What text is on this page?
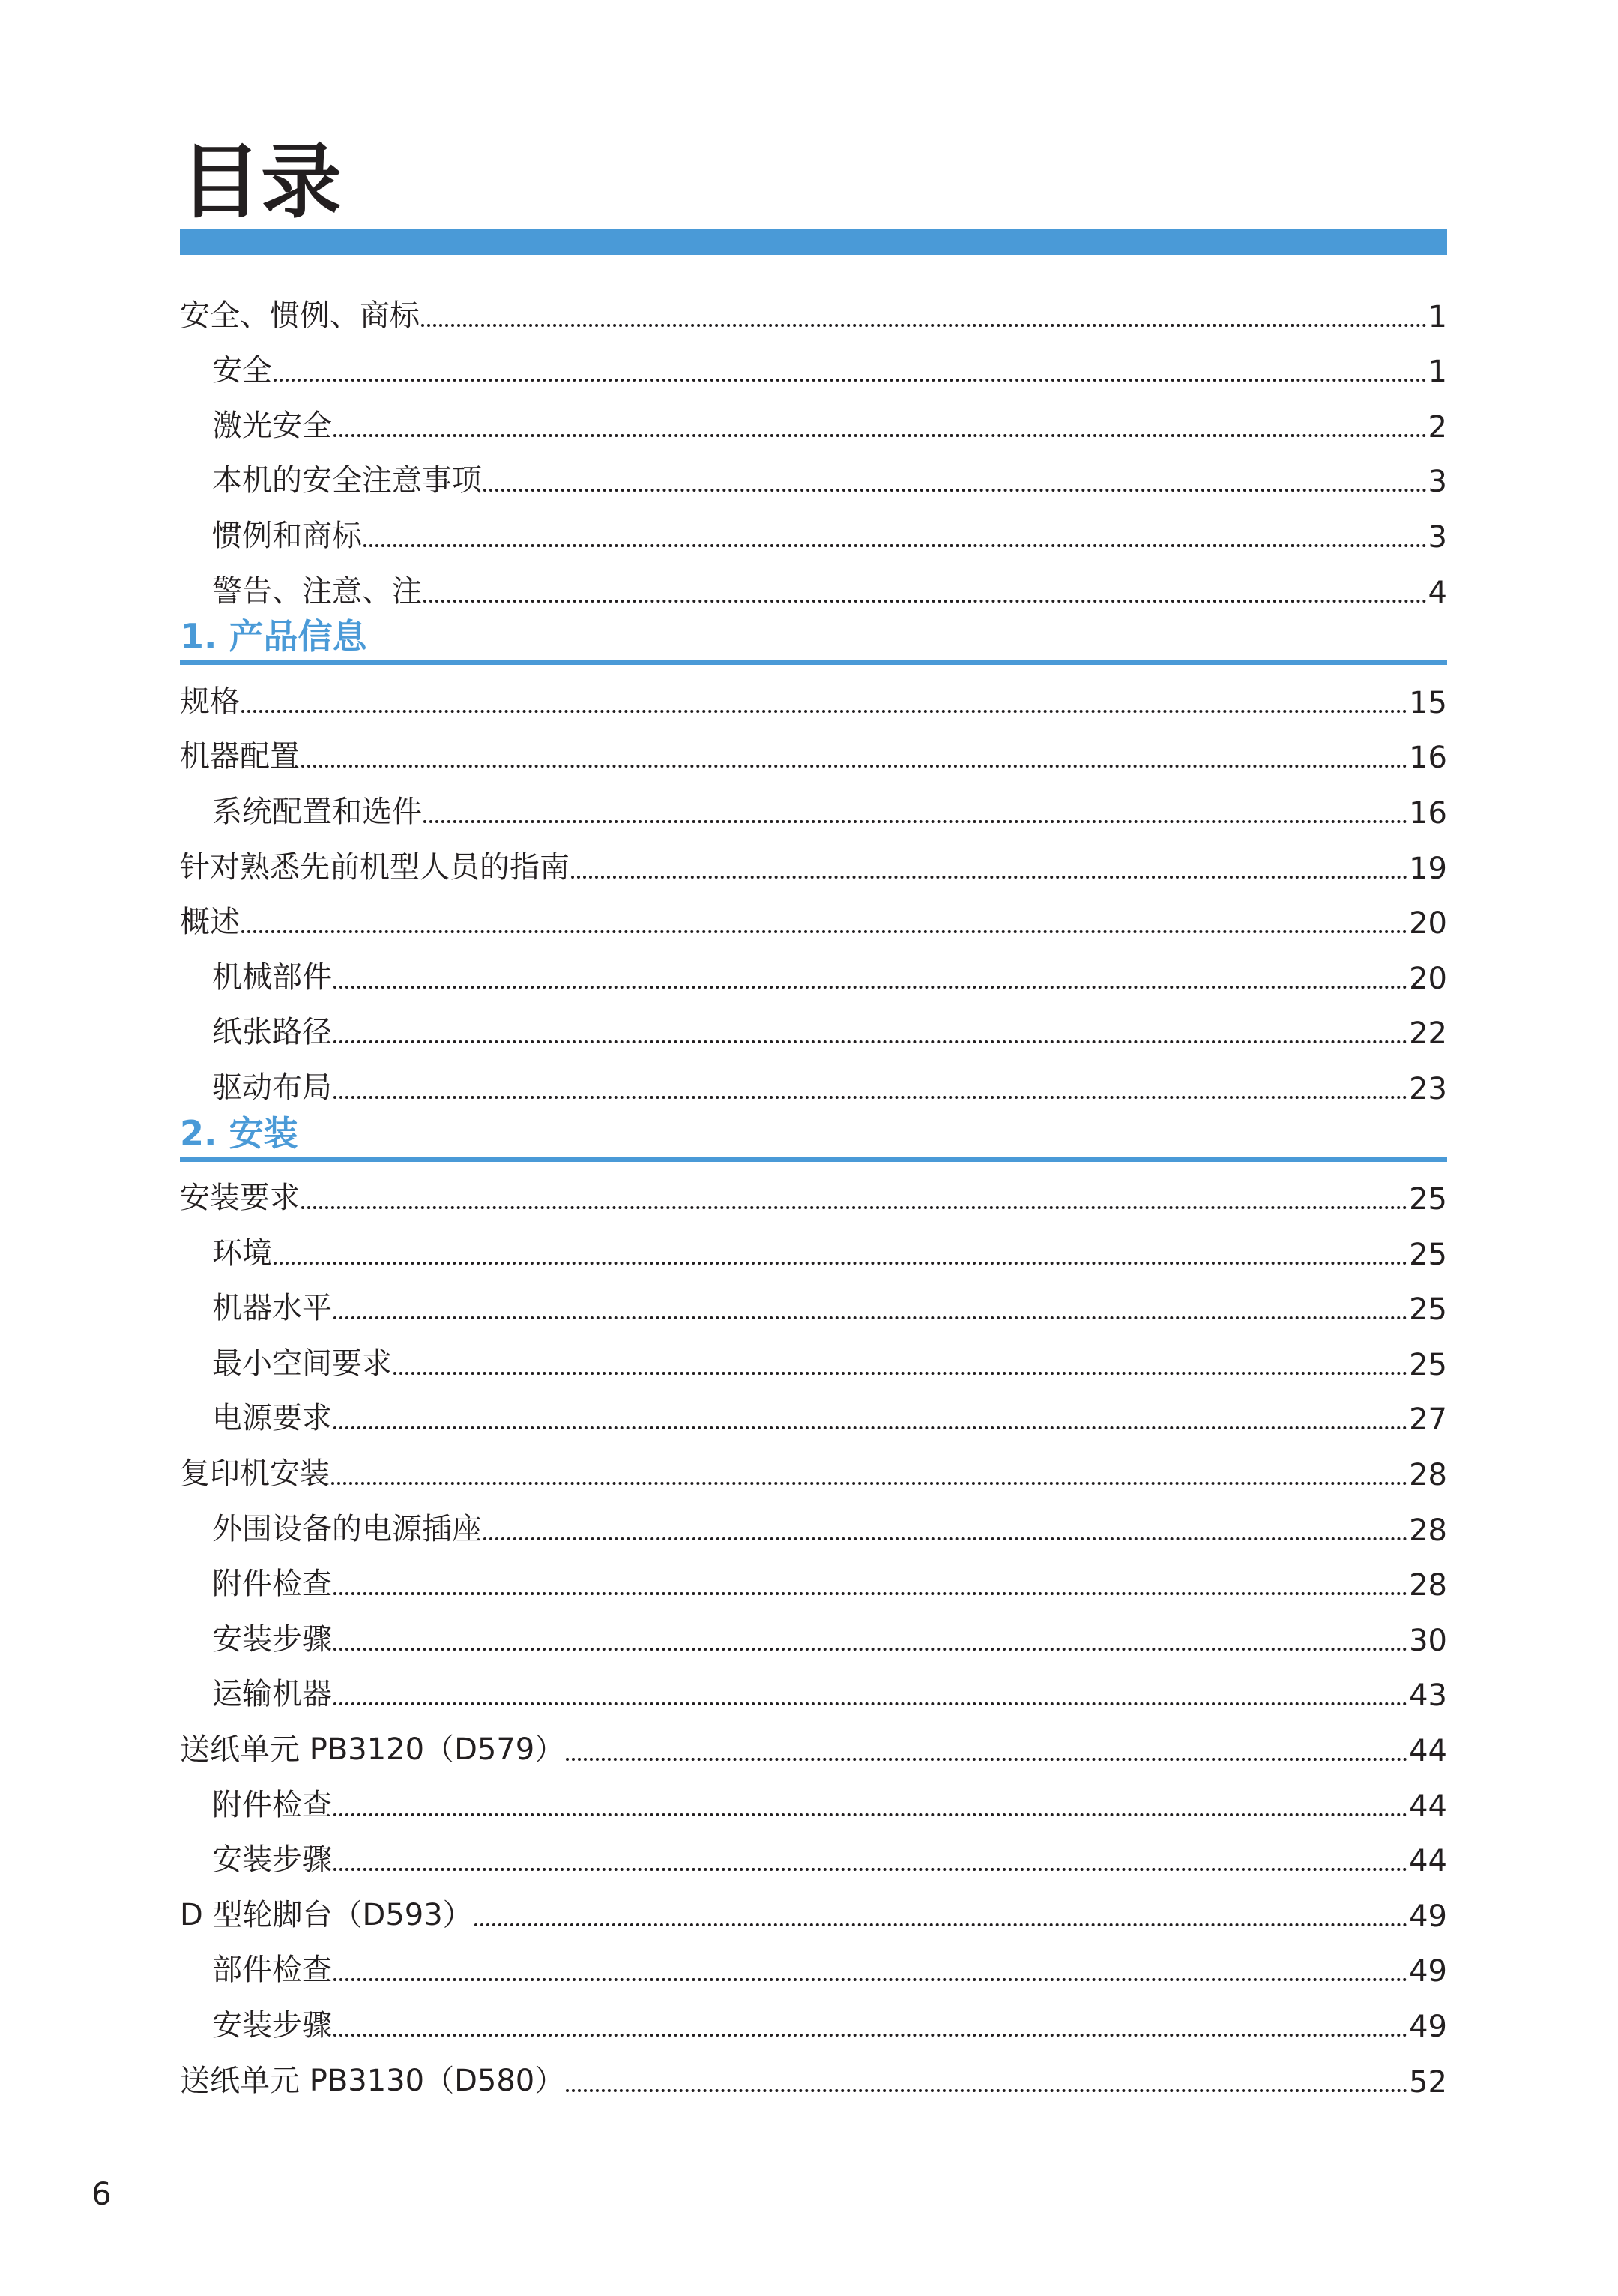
目录
安全、惯例、商标	1
安全	1
激光安全	2
本机的安全注意事项	3
惯例和商标	3
警告、注意、注	4
1. 产品信息
规格	15
机器配置	16
系统配置和选件	16
针对熟悉先前机型人员的指南	19
概述	20
机械部件	20
纸张路径	22
驱动布局	23
2. 安装
安装要求	25
环境	25
机器水平	25
最小空间要求	25
电源要求	27
复印机安装	28
外围设备的电源插座	28
附件检查	28
安装步骤	30
运输机器	43
送纸单元 PB3120（D579）	44
附件检查	44
安装步骤	44
D 型轮脚台（D593）	49
部件检查	49
安装步骤	49
送纸单元 PB3130（D580）	52
6
